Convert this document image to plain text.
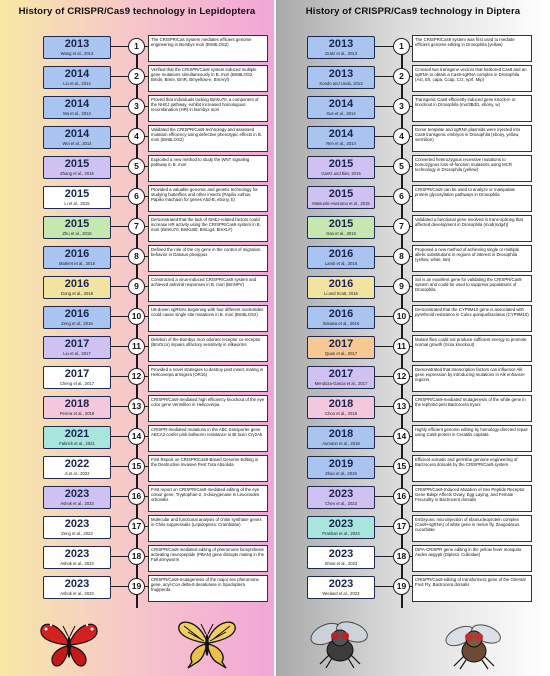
History of CRISPR/Cas9 technology in Lepidoptera
2013
Wang et al., 2013
1
The CRISPR/Cas System mediates efficient genome engineering in Bombyx mori (BmBLOS2)
2014
Liu et al., 2014
2
Verified that the CRISPR/Cas9 system induced multiple gene mutations simultaneously in B. mori (BmBLOS2, Bmdn, Bmre, BmR, Bmyellow-e, BmAryl)
2014
Ma et al., 2014
3
Proved that individuals lacking BmKu70, a component of the NHEJ pathway, exhibit increased homologous recombination (HR) in Bombyx mori
2014
Wei et al., 2014
4
Validated the CRISPR/Cas9 technology and assessed mutation efficiency using defective phenotypic effects in B. mori (BmBLOS2)
2015
Zhang et al., 2015
5
Exploited a new method to study the WNT signaling pathway in B. mori
2015
Li et al., 2015
6
Provided a valuable genomic and genetic technology for studying butterflies and other insects (Papilio xuthus, Papilio machaon for genes Abd-B, ebony, b)
2015
Zhu et al., 2015
7
Demonstrated that the lack of NHEJ-related factors could increase HR activity using the CRISPR/Cas9 system in B. mori (BmKu70, BmKu80, BmLig4, BmXLF)
2016
Markert et al., 2016
8
Defined the role of the cry gene in the control of migration behavior in Danaus plexippus
2016
Dong et al., 2016
9
Constructed a virus-induced CRISPR/Cas9 system and achieved antiviral responses in B. mori (BmNPV)
2016
Zeng et al., 2016
10
U6-driven sgRNAs beginning with four different nucleotides could cause single site mutations in B. mori (BmBLOS2)
2017
Liu et al., 2017
11
Deletion of the Bombyx mori odorant receptor co-receptor (BmOrco) impairs olfactory sensitivity in silkworms
2017
Cheng et al., 2017
12
Provided a novel strategies to destroy pest insect mating in Helicoverpa armigera (OR16)
2018
Perera et al., 2018
13
CRISPR/Cas9 mediated high efficiency knockout of the eye color gene Vermillion in Helicoverpa
2021
Fabrick et al., 2021
14
CRISPR-mediated mutations in the ABC transporter gene ABCA2 confer pink bollworm resistance to Bt toxin Cry2Ab
2022
Ji et al., 2022
15
First Report on CRISPR/Cas9-Based Genome Editing in the Destructive Invasive Pest Tuta Absoluta
2023
Ashok et al., 2023
16
First report on CRISPR/Cas9 mediated editing of the eye colour gene, Tryptophan-2, 3-dioxygenase in Leucinodes orbonalis
2023
Zeng et al., 2023
17
Molecular and functional analysis of chitin synthase genes in Chilo suppressalis (Lepidoptera: Crambidae)
2023
Ashok et al., 2023
18
CRISPR/Cas9 mediated editing of pheromone biosynthesis activating neuropeptide (PBAN) gene disrupts mating in the Fall armyworm
2023
Ashok et al., 2023
19
CRISPR/Cas9-mutagenesis of the major sex pheromone gene, acyl-CoA delta-9 desaturase in Spodoptera frugiperda
History of CRISPR/Cas9 technology in Diptera
2013
Gratz et al., 2013
1
The CRISPR/Cas9 system was first used to mediate efficient genome editing in Drosophila (yellow)
2013
Kondo and Ueda, 2013
2
Crossed two transgene vectors that harbored Cas9 and an sgRNA to obtain a Cas9-sgRNA complex in Drosophila (Ast, Eh, capa, Ccap, Crz, nprf, Mip)
2014
Xue et al., 2014
3
Transgenic Cas9 efficiently induced gene knock-in or knockout in Drosophila (mo/3Bdl1, ebony, w)
2014
Ren et al., 2014
4
Donor template and sgRNA plasmids were injected into Cas9 transgenic embryos in Drosophila (ebony, yellow, vermilion)
2015
Gantz and Bier, 2015
5
Converted heterozygous recessive mutations to homozygous loss-of-function mutations using MCR technology in Drosophila (yellow)
2015
Matsuoki-Asazuma et al., 2015
6
CRISPR/Cas9 can be used to analyze or manipulate protein glycosylation pathways in Drosophila
2015
Gao et al., 2015
7
Validated a functional gene involved in trans-splicing that affected development in Drosophila (mod(mdg4))
2016
Lamb et al., 2016
8
Proposed a new method of achieving single or multiple allelic substitutions in regions of interest in Drosophila (yellow, white, tan)
2016
Li and Scott, 2016
9
Sxl is an excellent gene for validating the CRISPR/Cas9 system and could be used to suppress populations of Drosophila
2016
Itokawa et al., 2016
10
Demonstrated that the CYP9M10 gene is associated with pyrethroid resistance in Culex quinquefasciatus (CYP9M10)
2017
Quan et al., 2017
11
Mutant flies could not produce sufficient energy to promote normal growth (Scsa knockout)
2017
Mendoza-Garcia et al., 2017
12
Demonstrated that transcription factors can influence Alk gene expression by introducing mutations in Alk enhancer regions.
2018
Choo et al., 2018
13
CRISPR/Cas9-mediated mutagenesis of the white gene in the tephritid pest Bactrocera tryoni
2018
Aumann et al., 2018
14
Highly efficient genome editing by homology-directed repair using Cas9 protein in Ceratitis capitata
2019
Zhao et al., 2019
15
Efficient somatic and germline genome engineering of Bactrocera dorsalis by the CRISPR/Cas9 system
2023
Chen et al., 2023
16
CRISPR/Cas9-Induced Mutation of Sex Peptide Receptor Gene Bdspr Affects Ovary, Egg Laying, and Female Fecundity in Bactrocera dorsalis
2023
Prashan et al., 2023
17
Embryonic microinjection of ribonucleoprotein complex (Cas9+sgRNA) of white gene in melon fly, Zeugodacus cucurbitae
2023
Shirai et al., 2023
18
DIPA-CRISPR gene editing in the yellow fever mosquito Aedes aegypti (Diptera: Culicidae)
2023
Wieland et al., 2023
19
CRISPR/Cas9 editing of transformer2 gene of the Oriental Fruit Fly, Bactrocera dorsalis
